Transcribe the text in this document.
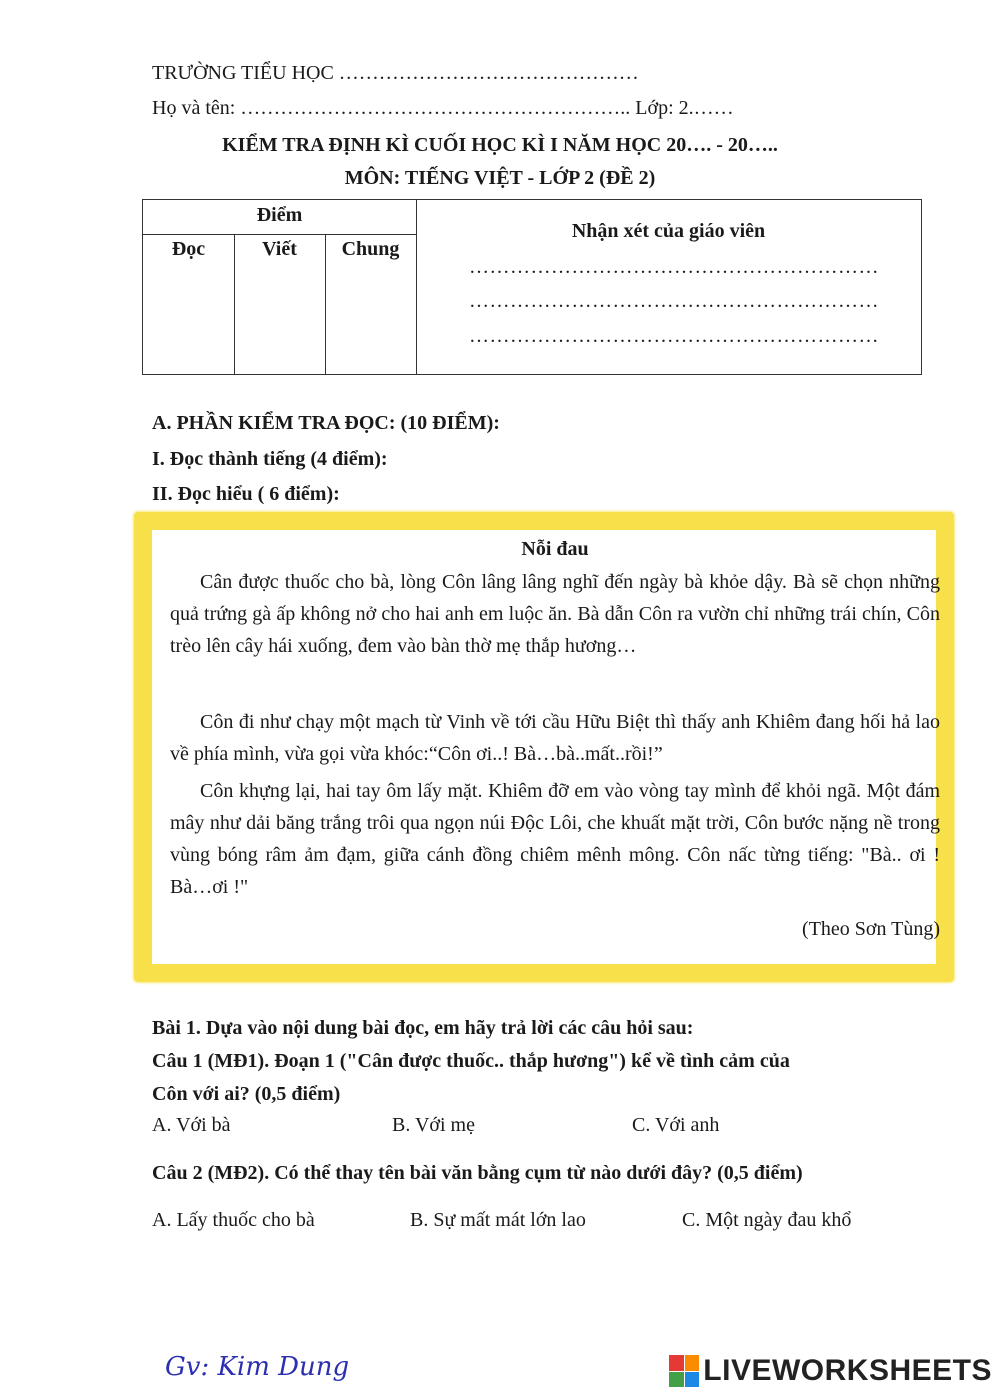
TRƯỜNG TIỂU HỌC ………………………………………
Họ và tên: ………………………………………………….. Lớp: 2.……
KIỂM TRA ĐỊNH KÌ CUỐI HỌC KÌ I NĂM HỌC 20…. - 20…..
MÔN: TIẾNG VIỆT - LỚP 2 (ĐỀ 2)
Điểm
Đọc	Viết	Chung
Nhận xét của giáo viên
……………………………………………………
……………………………………………………
……………………………………………………
A. PHẦN KIỂM TRA ĐỌC: (10 ĐIỂM):
I. Đọc thành tiếng (4 điểm):
II. Đọc hiểu ( 6 điểm):
Nỗi đau
Cân được thuốc cho bà, lòng Côn lâng lâng nghĩ đến ngày bà khỏe dậy. Bà sẽ chọn những quả trứng gà ấp không nở cho hai anh em luộc ăn. Bà dẫn Côn ra vườn chỉ những trái chín, Côn trèo lên cây hái xuống, đem vào bàn thờ mẹ thắp hương…
Côn đi như chạy một mạch từ Vinh về tới cầu Hữu Biệt thì thấy anh Khiêm đang hối hả lao về phía mình, vừa gọi vừa khóc:“Côn ơi..! Bà…bà..mất..rồi!”
Côn khựng lại, hai tay ôm lấy mặt. Khiêm đỡ em vào vòng tay mình để khỏi ngã. Một đám mây như dải băng trắng trôi qua ngọn núi Độc Lôi, che khuất mặt trời, Côn bước nặng nề trong vùng bóng râm ảm đạm, giữa cánh đồng chiêm mênh mông. Côn nấc từng tiếng: "Bà.. ơi ! Bà…ơi !"
(Theo Sơn Tùng)
Bài 1. Dựa vào nội dung bài đọc, em hãy trả lời các câu hỏi sau:
Câu 1 (MĐ1). Đoạn 1 ("Cân được thuốc.. thắp hương") kể về tình cảm của
Côn với ai? (0,5 điểm)
A. Với bà	B. Với mẹ	C. Với anh
Câu 2 (MĐ2). Có thể thay tên bài văn bằng cụm từ nào dưới đây? (0,5 điểm)
A. Lấy thuốc cho bà	B. Sự mất mát lớn lao	C. Một ngày đau khổ
Gv: Kim Dung	LIVEWORKSHEETS
